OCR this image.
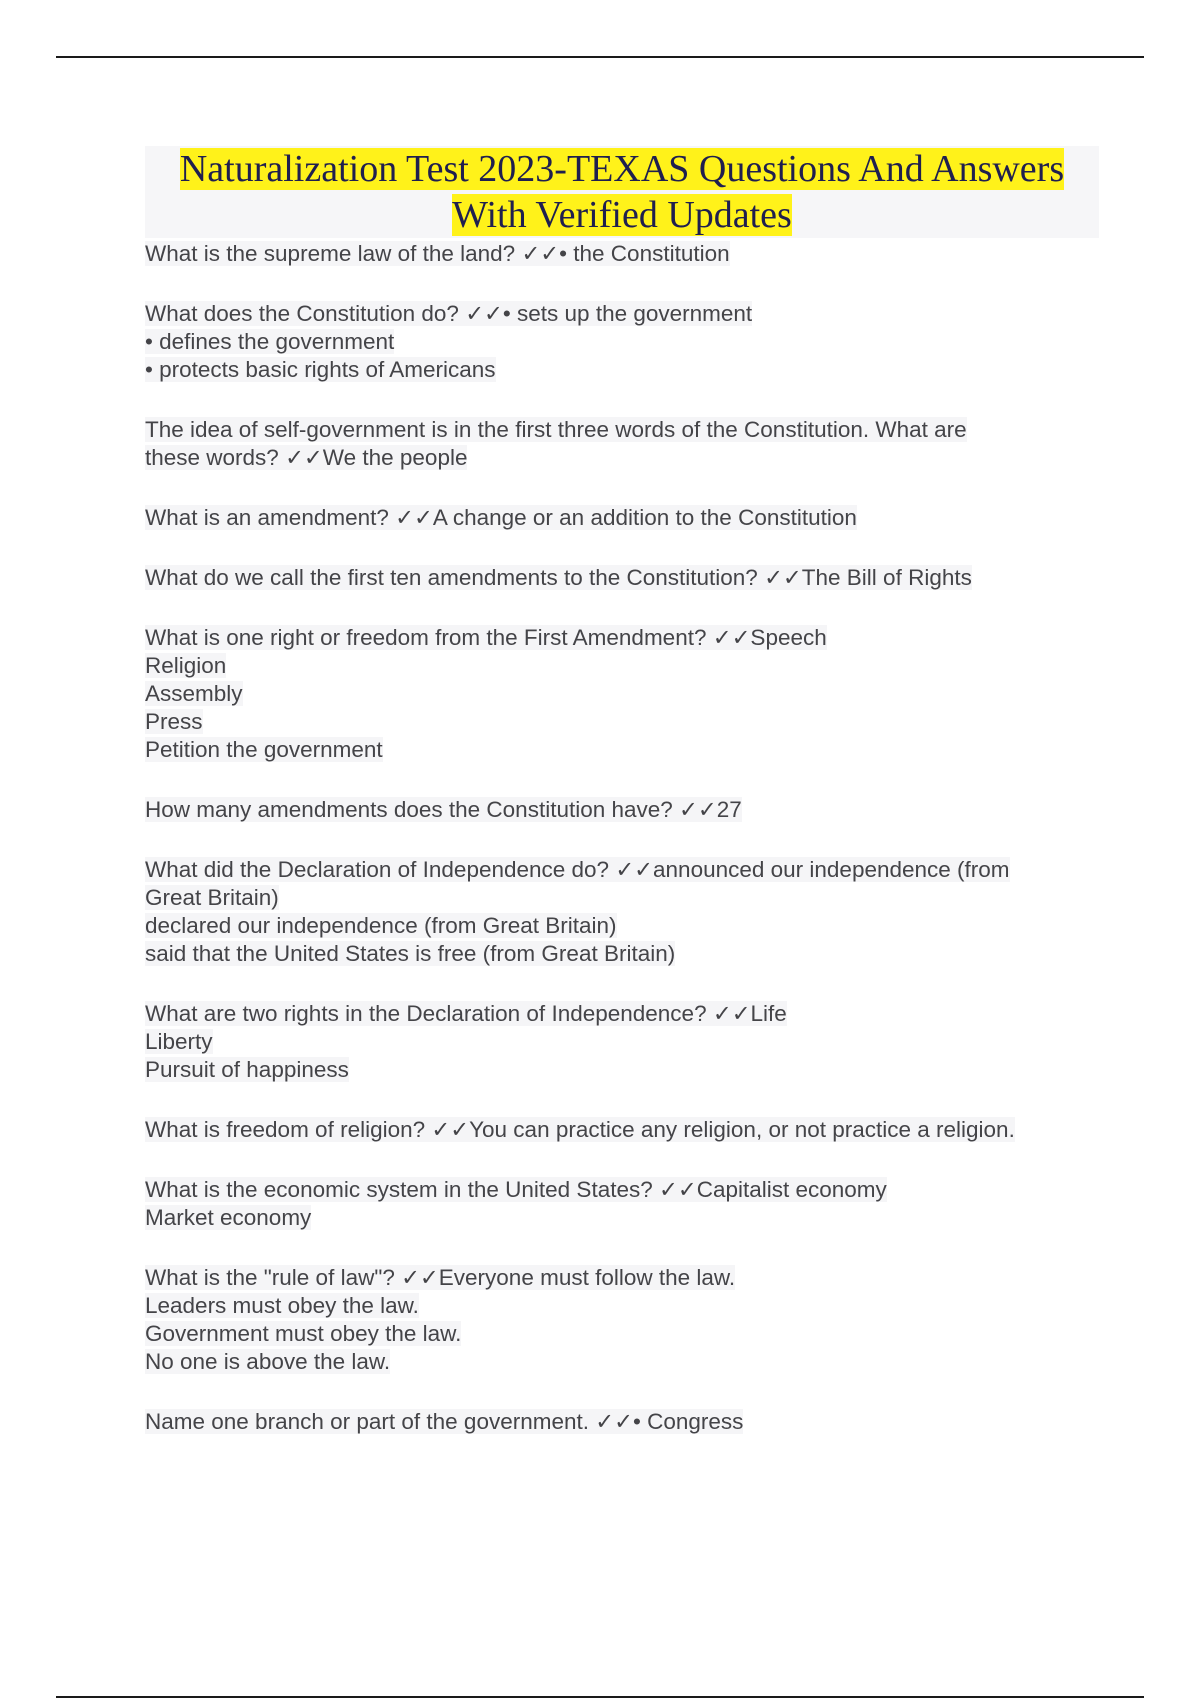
Naturalization Test 2023-TEXAS Questions And Answers
With Verified Updates
What is the supreme law of the land? ✓✓• the Constitution
What does the Constitution do? ✓✓• sets up the government
• defines the government
• protects basic rights of Americans
The idea of self-government is in the first three words of the Constitution. What are
these words? ✓✓We the people
What is an amendment? ✓✓A change or an addition to the Constitution
What do we call the first ten amendments to the Constitution? ✓✓The Bill of Rights
What is one right or freedom from the First Amendment? ✓✓Speech
Religion
Assembly
Press
Petition the government
How many amendments does the Constitution have? ✓✓27
What did the Declaration of Independence do? ✓✓announced our independence (from
Great Britain)
declared our independence (from Great Britain)
said that the United States is free (from Great Britain)
What are two rights in the Declaration of Independence? ✓✓Life
Liberty
Pursuit of happiness
What is freedom of religion? ✓✓You can practice any religion, or not practice a religion.
What is the economic system in the United States? ✓✓Capitalist economy
Market economy
What is the "rule of law"? ✓✓Everyone must follow the law.
Leaders must obey the law.
Government must obey the law.
No one is above the law.
Name one branch or part of the government. ✓✓• Congress
